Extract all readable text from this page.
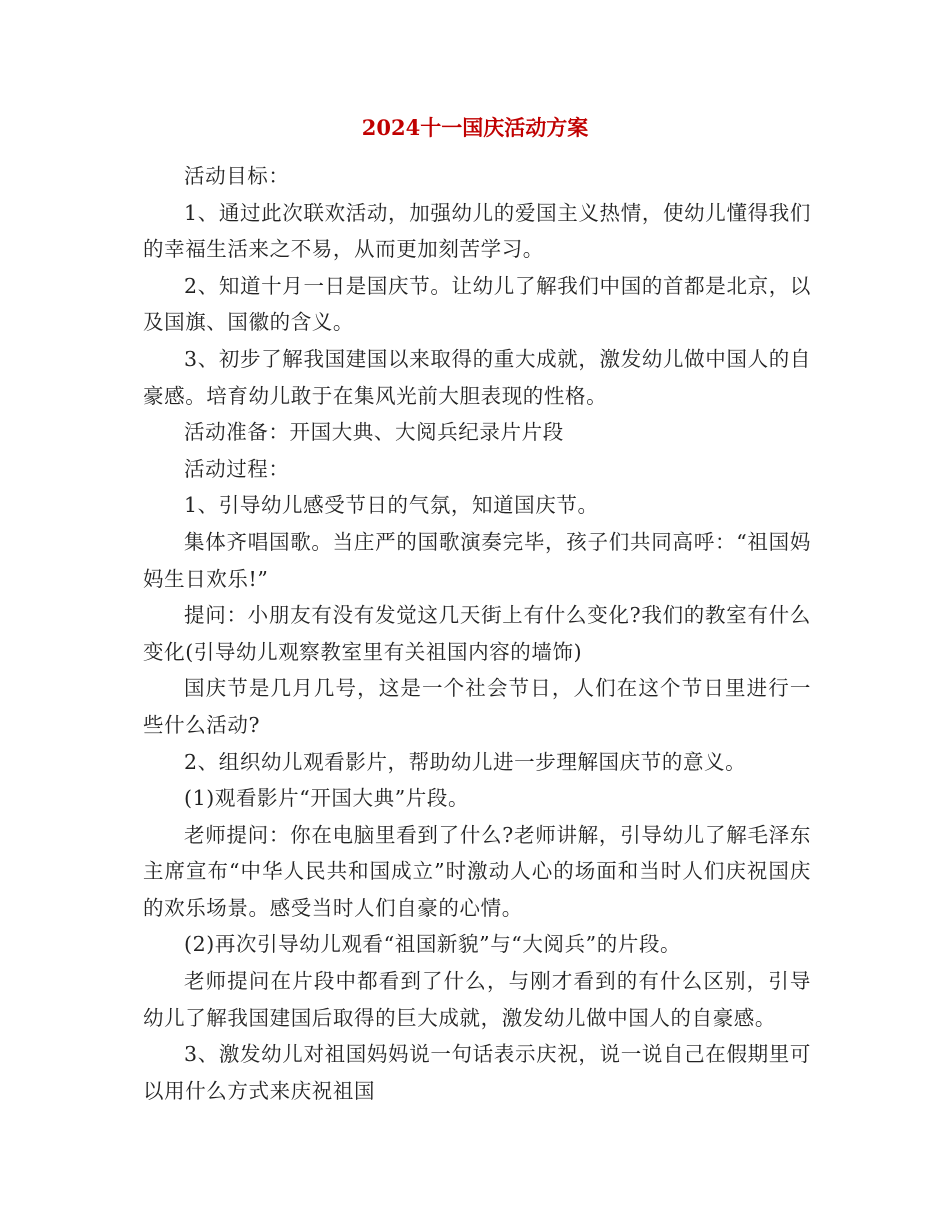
2024十一国庆活动方案

活动目标：

1、通过此次联欢活动，加强幼儿的爱国主义热情，使幼儿懂得我们的幸福生活来之不易，从而更加刻苦学习。

2、知道十月一日是国庆节。让幼儿了解我们中国的首都是北京，以及国旗、国徽的含义。

3、初步了解我国建国以来取得的重大成就，激发幼儿做中国人的自豪感。培育幼儿敢于在集风光前大胆表现的性格。

活动准备：开国大典、大阅兵纪录片片段

活动过程：

1、引导幼儿感受节日的气氛，知道国庆节。

集体齐唱国歌。当庄严的国歌演奏完毕，孩子们共同高呼：“祖国妈妈生日欢乐!”

提问：小朋友有没有发觉这几天街上有什么变化?我们的教室有什么变化(引导幼儿观察教室里有关祖国内容的墙饰)

国庆节是几月几号，这是一个社会节日，人们在这个节日里进行一些什么活动?

2、组织幼儿观看影片，帮助幼儿进一步理解国庆节的意义。

(1)观看影片“开国大典”片段。

老师提问：你在电脑里看到了什么?老师讲解，引导幼儿了解毛泽东主席宣布“中华人民共和国成立”时激动人心的场面和当时人们庆祝国庆的欢乐场景。感受当时人们自豪的心情。

(2)再次引导幼儿观看“祖国新貌”与“大阅兵”的片段。

老师提问在片段中都看到了什么，与刚才看到的有什么区别，引导幼儿了解我国建国后取得的巨大成就，激发幼儿做中国人的自豪感。

3、激发幼儿对祖国妈妈说一句话表示庆祝，说一说自己在假期里可以用什么方式来庆祝祖国
